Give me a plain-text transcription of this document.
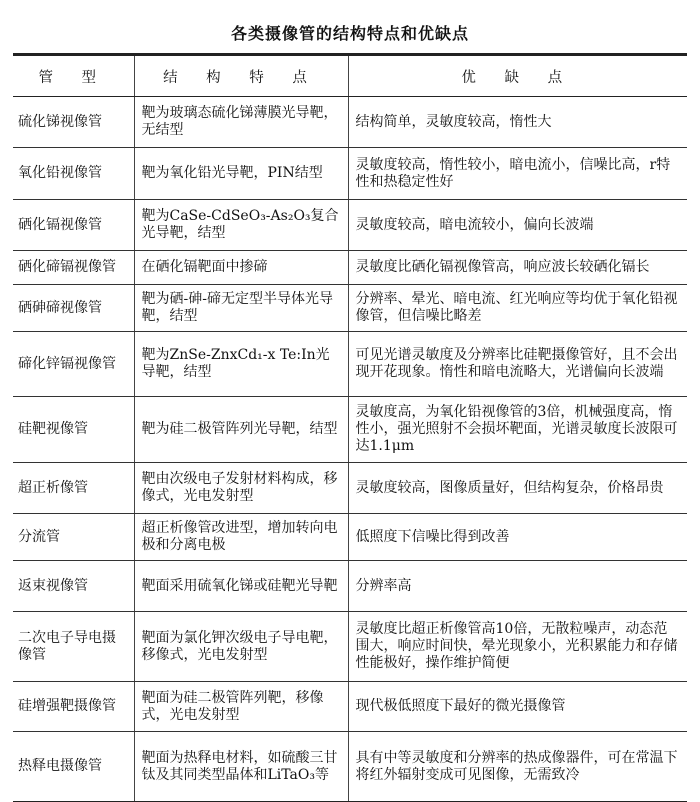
各类摄像管的结构特点和优缺点
管 型	结 构 特 点	优 缺 点
硫化锑视像管	靶为玻璃态硫化锑薄膜光导靶，无结型	结构简单，灵敏度较高，惰性大
氧化铅视像管	靶为氧化铅光导靶，PIN结型	灵敏度较高，惰性较小，暗电流小，信噪比高，r特性和热稳定性好
硒化镉视像管	靶为CaSe-CdSeO₃-As₂O₃复合光导靶，结型	灵敏度较高，暗电流较小，偏向长波端
硒化碲镉视像管	在硒化镉靶面中掺碲	灵敏度比硒化镉视像管高，响应波长较硒化镉长
硒砷碲视像管	靶为硒-砷-碲无定型半导体光导靶，结型	分辨率、晕光、暗电流、红光响应等均优于氧化铅视像管，但信噪比略差
碲化锌镉视像管	靶为ZnSe-ZnxCd₁-x Te:In光导靶，结型	可见光谱灵敏度及分辨率比硅靶摄像管好，且不会出现开花现象。惰性和暗电流略大，光谱偏向长波端
硅靶视像管	靶为硅二极管阵列光导靶，结型	灵敏度高，为氧化铅视像管的3倍，机械强度高，惰性小，强光照射不会损坏靶面，光谱灵敏度长波限可达1.1μm
超正析像管	靶由次级电子发射材料构成，移像式，光电发射型	灵敏度较高，图像质量好，但结构复杂，价格昂贵
分流管	超正析像管改进型，增加转向电极和分离电极	低照度下信噪比得到改善
返束视像管	靶面采用硫氧化锑或硅靶光导靶	分辨率高
二次电子导电摄像管	靶面为氯化钾次级电子导电靶，移像式，光电发射型	灵敏度比超正析像管高10倍，无散粒噪声，动态范围大，响应时间快，晕光现象小，光积累能力和存储性能极好，操作维护简便
硅增强靶摄像管	靶面为硅二极管阵列靶，移像式，光电发射型	现代极低照度下最好的微光摄像管
热释电摄像管	靶面为热释电材料，如硫酸三甘钛及其同类型晶体和LiTaO₃等	具有中等灵敏度和分辨率的热成像器件，可在常温下将红外辐射变成可见图像，无需致冷
